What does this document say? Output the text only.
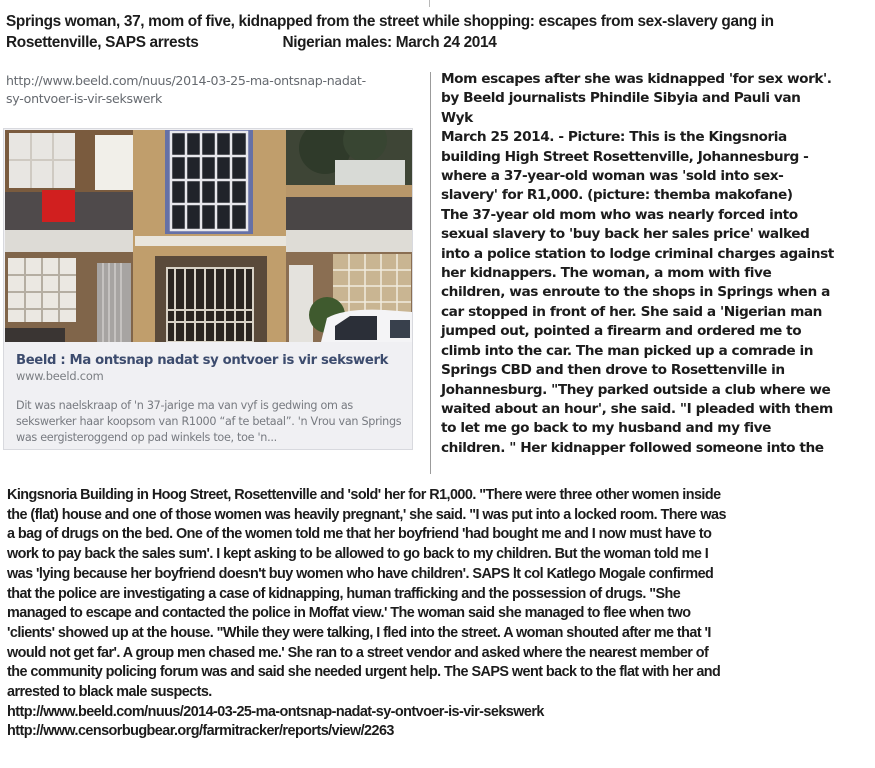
Springs woman, 37, mom of five, kidnapped from the street while shopping: escapes from sex-slavery gang in
Rosettenville, SAPS arrests	Nigerian males: March 24 2014
http://www.beeld.com/nuus/2014-03-25-ma-ontsnap-nadat-
sy-ontvoer-is-vir-sekswerk
Beeld : Ma ontsnap nadat sy ontvoer is vir sekswerk
www.beeld.com
Dit was naelskraap of 'n 37-jarige ma van vyf is gedwing om as
sekswerker haar koopsom van R1000 “af te betaal”. 'n Vrou van Springs
was eergisteroggend op pad winkels toe, toe 'n...

Mom escapes after she was kidnapped 'for sex work'.

by Beeld journalists Phindile Sibyia and Pauli van

Wyk

March 25 2014. - Picture: This is the Kingsnoria

building High Street Rosettenville, Johannesburg -

where a 37-year-old woman was 'sold into sex-

slavery' for R1,000. (picture: themba makofane)

The 37-year old mom who was nearly forced into

sexual slavery to 'buy back her sales price' walked

into a police station to lodge criminal charges against

her kidnappers. The woman, a mom with five

children, was enroute to the shops in Springs when a

car stopped in front of her. She said a 'Nigerian man

jumped out, pointed a firearm and ordered me to

climb into the car. The man picked up a comrade in

Springs CBD and then drove to Rosettenville in

Johannesburg. "They parked outside a club where we

waited about an hour', she said. "I pleaded with them

to let me go back to my husband and my five

children. " Her kidnapper followed someone into the

Kingsnoria Building in Hoog Street, Rosettenville and 'sold' her for R1,000. "There were three other women inside

the (flat) house and one of those women was heavily pregnant,' she said. "I was put into a locked room. There was

a bag of drugs on the bed. One of the women told me that her boyfriend 'had bought me and I now must have to

work to pay back the sales sum'. I kept asking to be allowed to go back to my children. But the woman told me I

was 'lying because her boyfriend doesn't buy women who have children'. SAPS lt col Katlego Mogale confirmed

that the police are investigating a case of kidnapping, human trafficking and the possession of drugs. "She

managed to escape and contacted the police in Moffat view.' The woman said she managed to flee when two

'clients' showed up at the house. "While they were talking, I fled into the street. A woman shouted after me that 'I

would not get far'. A group men chased me.' She ran to a street vendor and asked where the nearest member of

the community policing forum was and said she needed urgent help. The SAPS went back to the flat with her and

arrested to black male suspects.

http://www.beeld.com/nuus/2014-03-25-ma-ontsnap-nadat-sy-ontvoer-is-vir-sekswerk
http://www.censorbugbear.org/farmitracker/reports/view/2263
